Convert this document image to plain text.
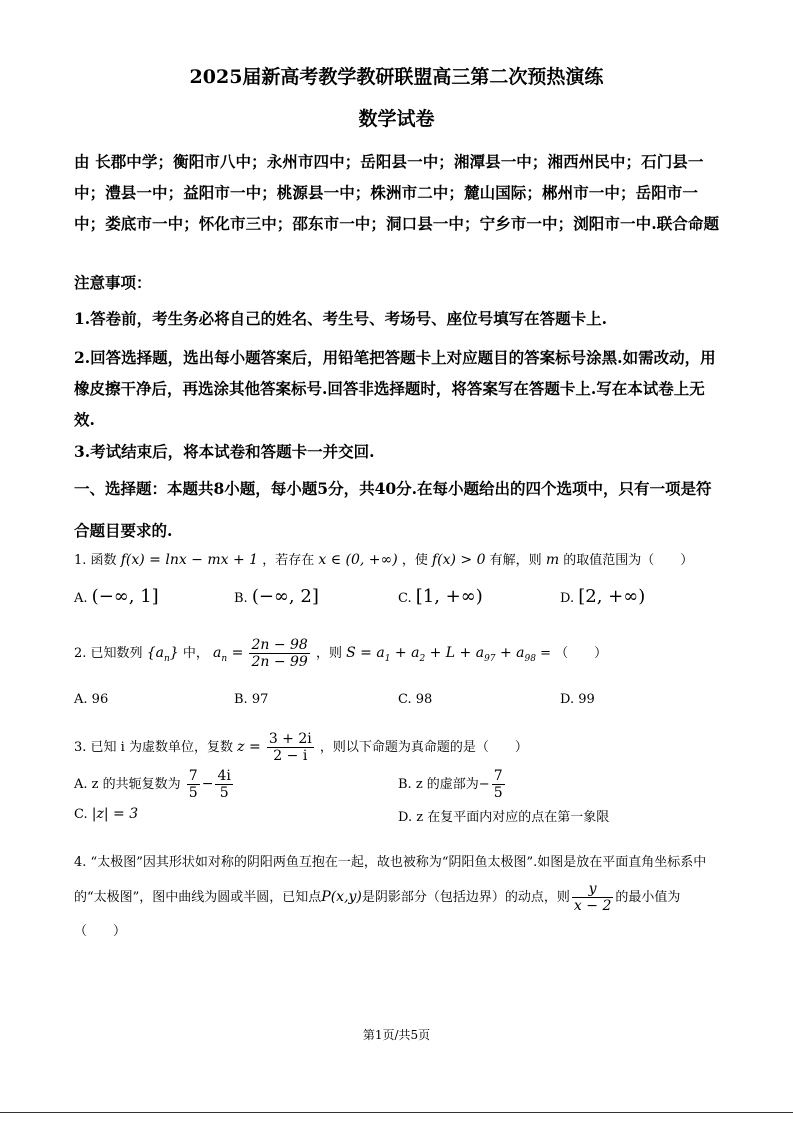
2025届新高考教学教研联盟高三第二次预热演练
数学试卷
由 长郡中学；衡阳市八中；永州市四中；岳阳县一中；湘潭县一中；湘西州民中；石门县一中；澧县一中；益阳市一中；桃源县一中；株洲市二中；麓山国际；郴州市一中；岳阳市一中；娄底市一中；怀化市三中；邵东市一中；洞口县一中；宁乡市一中；浏阳市一中.联合命题
注意事项：
1.答卷前，考生务必将自己的姓名、考生号、考场号、座位号填写在答题卡上.
2.回答选择题，选出每小题答案后，用铅笔把答题卡上对应题目的答案标号涂黑.如需改动，用橡皮擦干净后，再选涂其他答案标号.回答非选择题时，将答案写在答题卡上.写在本试卷上无效.
3.考试结束后，将本试卷和答题卡一并交回.
一、选择题：本题共8小题，每小题5分，共40分.在每小题给出的四个选项中，只有一项是符合题目要求的.
1. 函数 f(x) = lnx − mx + 1 ，若存在 x ∈ (0, +∞) ，使 f(x) > 0 有解，则 m 的取值范围为（　　）
A. (−∞, 1]	B. (−∞, 2]	C. [1, +∞)	D. [2, +∞)
2. 已知数列 $\{a_n\}$ 中， $a_n = \frac{2n - 98}{2n - 99}$ ，则 $S = a_1 + a_2 + L + a_{97} + a_{98}$ = （　　）
A. 96	B. 97	C. 98	D. 99
3. 已知 i 为虚数单位，复数 $z = \frac{3 + 2i}{2 - i}$ ，则以下命题为真命题的是（　　）
A. z 的共轭复数为 $\frac{7}{5} - \frac{4i}{5}$	B. z 的虚部为− $\frac{7}{5}$
C. |z| = 3	D. z 在复平面内对应的点在第一象限
4. “太极图”因其形状如对称的阴阳两鱼互抱在一起，故也被称为“阴阳鱼太极图”.如图是放在平面直角坐标系中的“太极图”，图中曲线为圆或半圆，已知点P(x,y)是阴影部分（包括边界）的动点，则 $\frac{y}{x - 2}$ 的最小值为（　　）
第1页/共5页
